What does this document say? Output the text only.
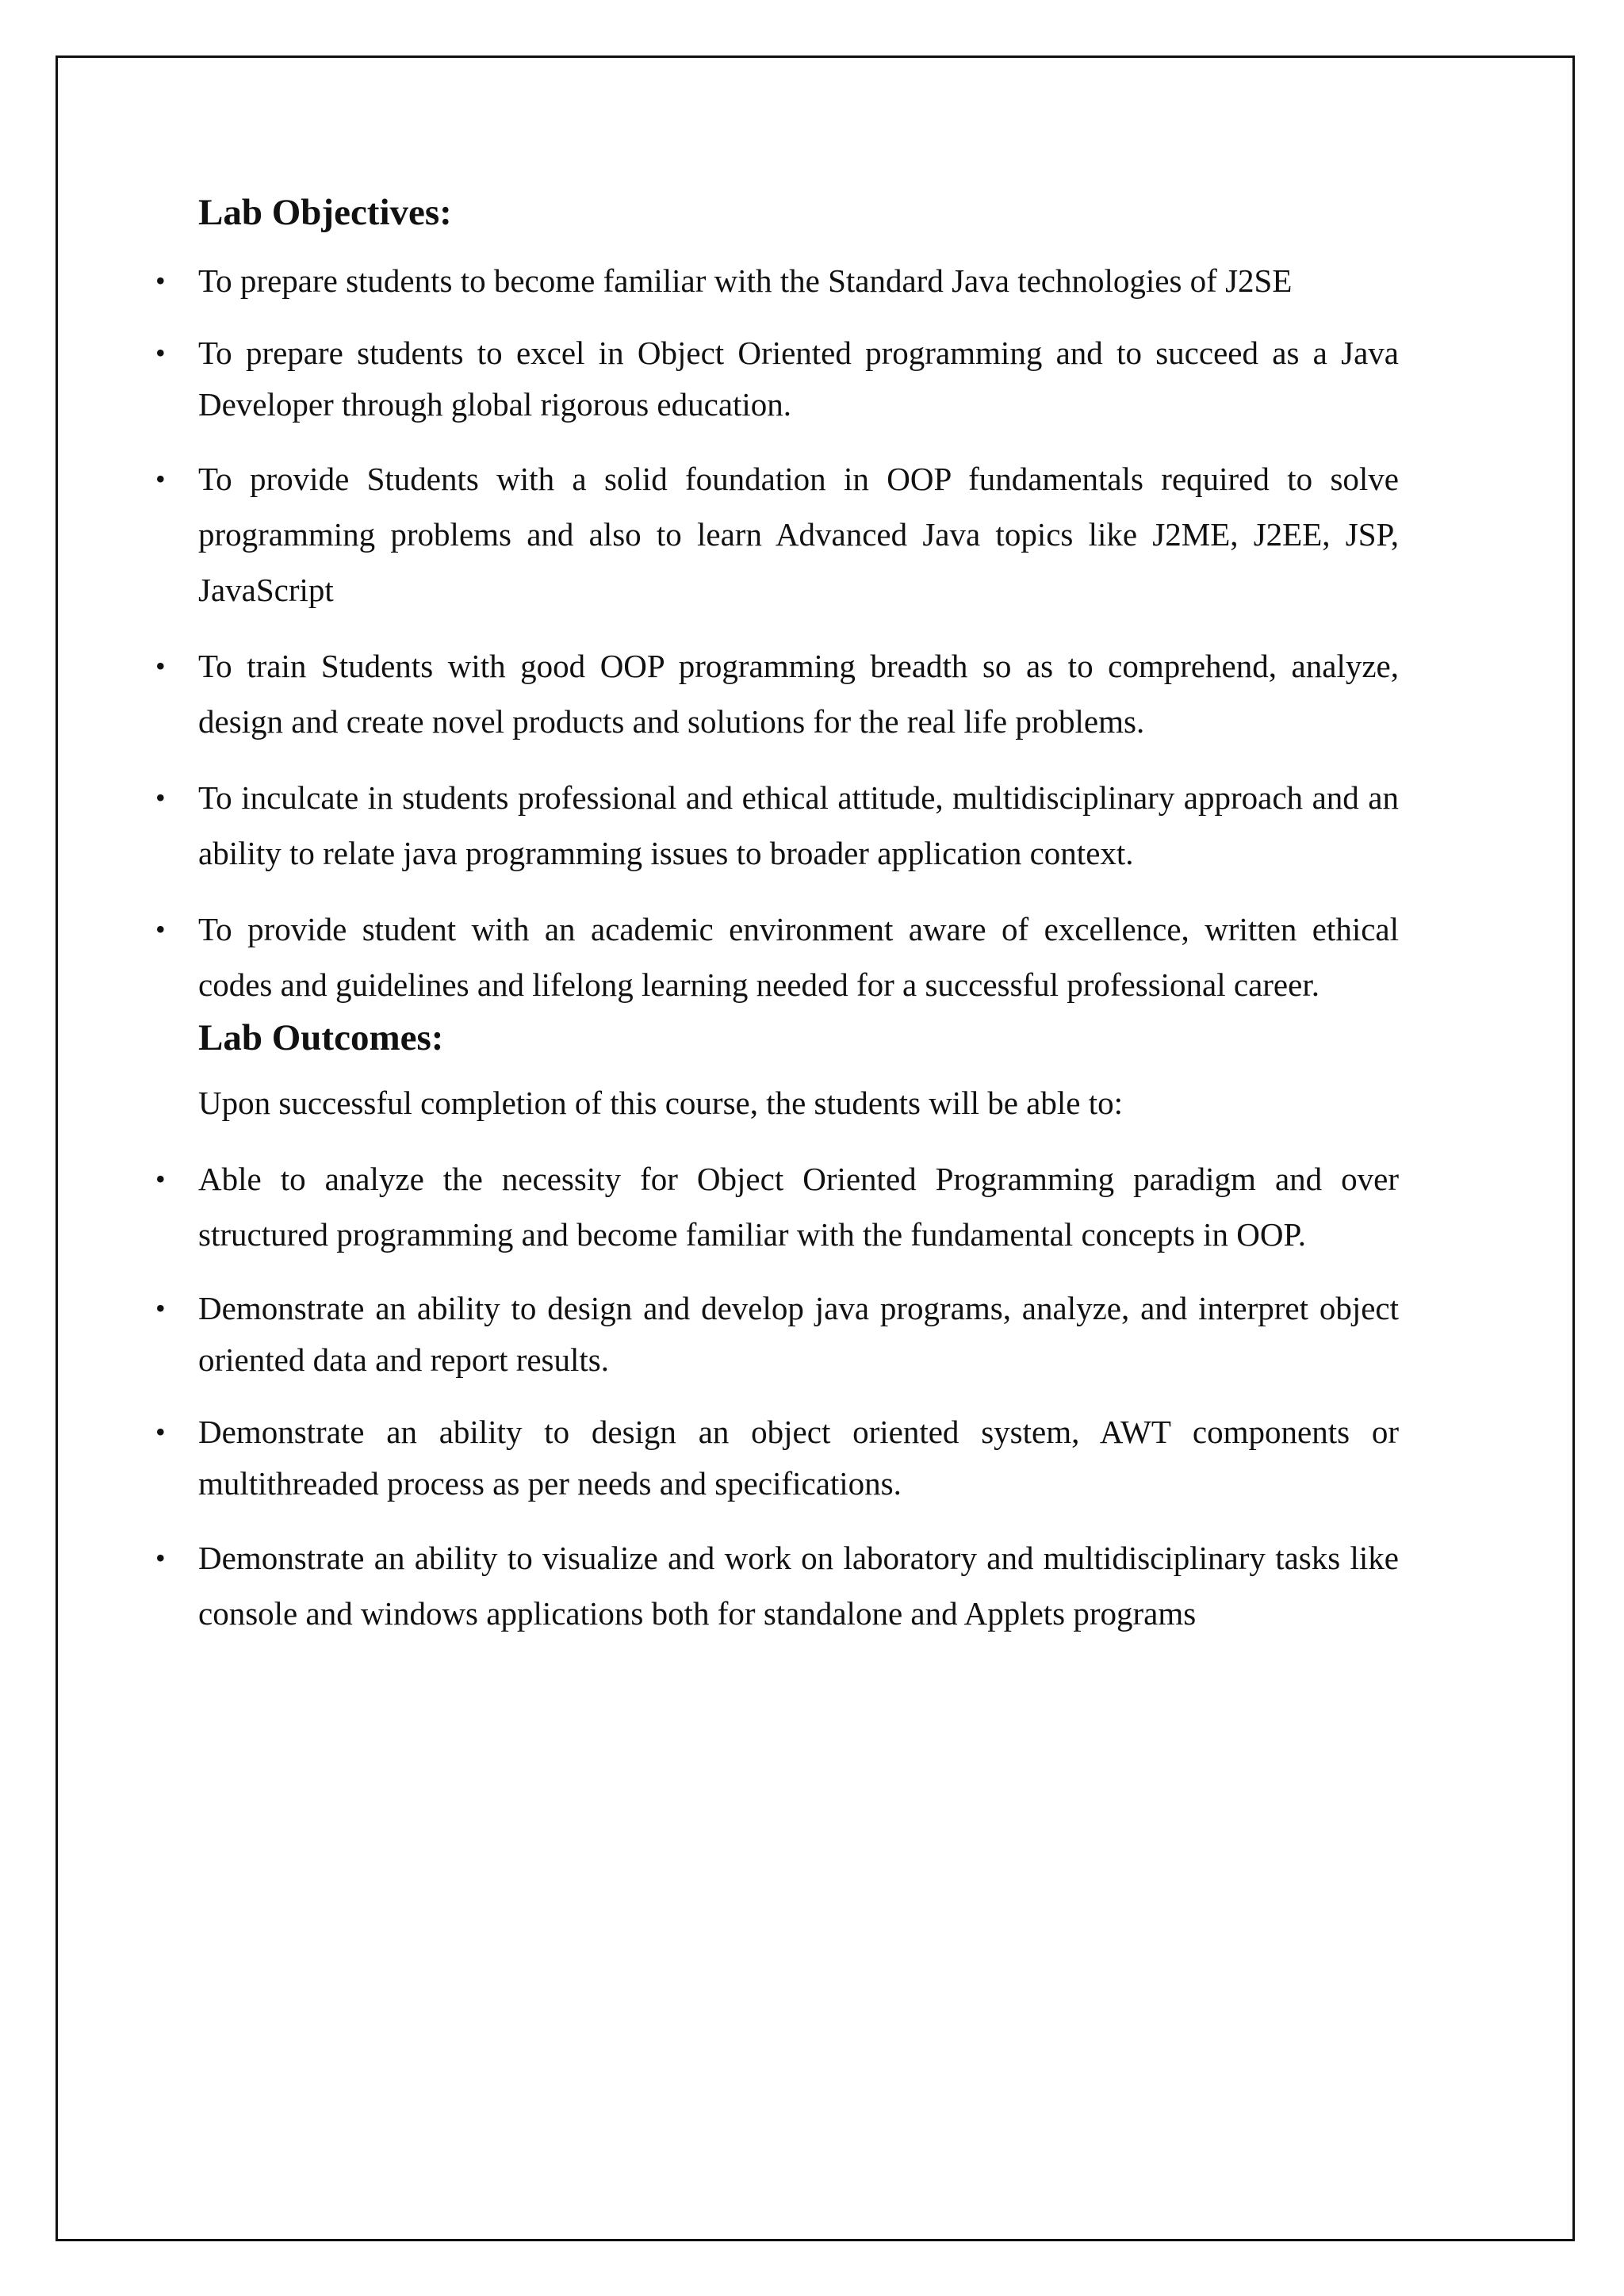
Lab Objectives:
• To prepare students to become familiar with the Standard Java technologies of J2SE
• To prepare students to excel in Object Oriented programming and to succeed as a Java Developer through global rigorous education.
• To provide Students with a solid foundation in OOP fundamentals required to solve programming problems and also to learn Advanced Java topics like J2ME, J2EE, JSP, JavaScript
• To train Students with good OOP programming breadth so as to comprehend, analyze, design and create novel products and solutions for the real life problems.
• To inculcate in students professional and ethical attitude, multidisciplinary approach and an ability to relate java programming issues to broader application context.
• To provide student with an academic environment aware of excellence, written ethical codes and guidelines and lifelong learning needed for a successful professional career.
Lab Outcomes:

Upon successful completion of this course, the students will be able to:

• Able to analyze the necessity for Object Oriented Programming paradigm and over structured programming and become familiar with the fundamental concepts in OOP.
• Demonstrate an ability to design and develop java programs, analyze, and interpret object oriented data and report results.
• Demonstrate an ability to design an object oriented system, AWT components or multithreaded process as per needs and specifications.
• Demonstrate an ability to visualize and work on laboratory and multidisciplinary tasks like console and windows applications both for standalone and Applets programs
